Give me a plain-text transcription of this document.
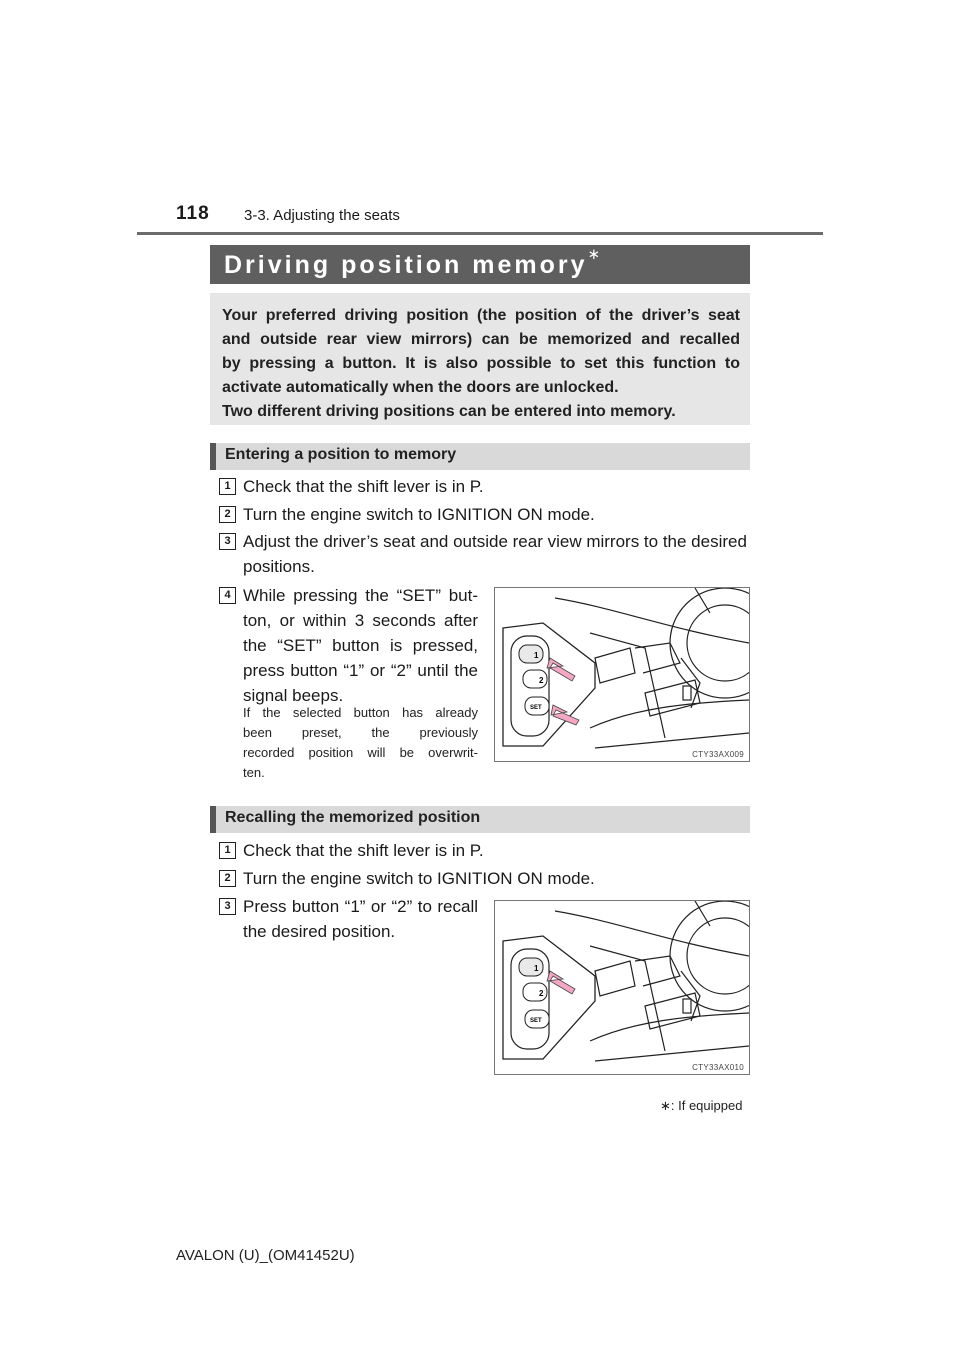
118 3-3. Adjusting the seats
Driving position memory∗
Your preferred driving position (the position of the driver’s seat
and outside rear view mirrors) can be memorized and recalled
by pressing a button. It is also possible to set this function to
activate automatically when the doors are unlocked.
Two different driving positions can be entered into memory.
Entering a position to memory
1 Check that the shift lever is in P.
2 Turn the engine switch to IGNITION ON mode.
3 Adjust the driver’s seat and outside rear view mirrors to the desired
positions.
4 While pressing the “SET” but-
ton, or within 3 seconds after
the “SET” button is pressed,
press button “1” or “2” until the
signal beeps.
If the selected button has already
been preset, the previously
recorded position will be overwrit-
ten.
1
2
SET
CTY33AX009
Recalling the memorized position
1 Check that the shift lever is in P.
2 Turn the engine switch to IGNITION ON mode.
3 Press button “1” or “2” to recall
the desired position.
1
2
SET
CTY33AX010
∗: If equipped
AVALON (U)_(OM41452U)
